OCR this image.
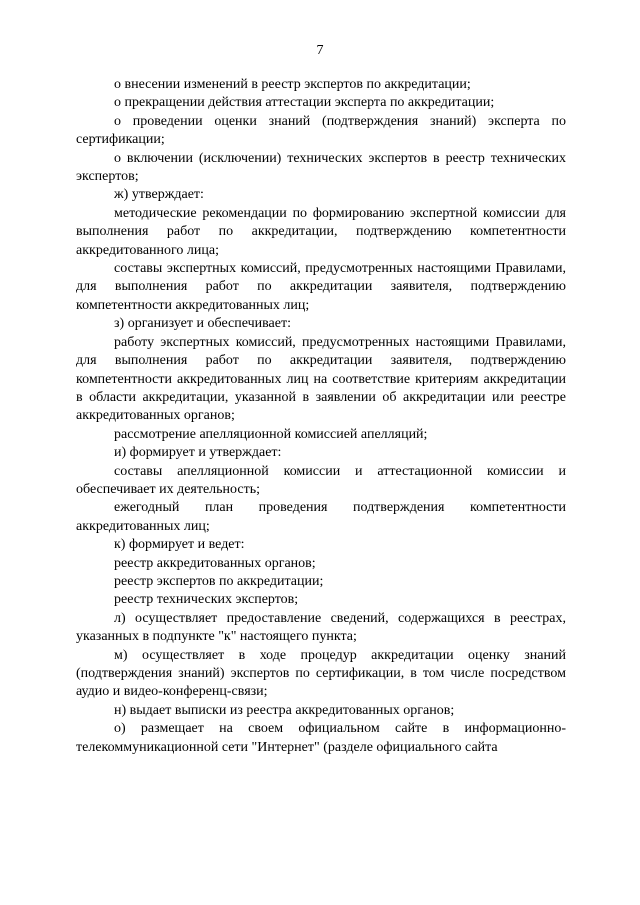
7

о внесении изменений в реестр экспертов по аккредитации;

о прекращении действия аттестации эксперта по аккредитации;

о проведении оценки знаний (подтверждения знаний) эксперта по сертификации;

о включении (исключении) технических экспертов в реестр технических экспертов;

ж) утверждает:

методические рекомендации по формированию экспертной комиссии для выполнения работ по аккредитации, подтверждению компетентности аккредитованного лица;

составы экспертных комиссий, предусмотренных настоящими Правилами, для выполнения работ по аккредитации заявителя, подтверждению компетентности аккредитованных лиц;

з) организует и обеспечивает:

работу экспертных комиссий, предусмотренных настоящими Правилами, для выполнения работ по аккредитации заявителя, подтверждению компетентности аккредитованных лиц на соответствие критериям аккредитации в области аккредитации, указанной в заявлении об аккредитации или реестре аккредитованных органов;

рассмотрение апелляционной комиссией апелляций;

и) формирует и утверждает:

составы апелляционной комиссии и аттестационной комиссии и обеспечивает их деятельность;

ежегодный план проведения подтверждения компетентности аккредитованных лиц;

к) формирует и ведет:

реестр аккредитованных органов;

реестр экспертов по аккредитации;

реестр технических экспертов;

л) осуществляет предоставление сведений, содержащихся в реестрах, указанных в подпункте "к" настоящего пункта;

м) осуществляет в ходе процедур аккредитации оценку знаний (подтверждения знаний) экспертов по сертификации, в том числе посредством аудио и видео-конференц-связи;

н) выдает выписки из реестра аккредитованных органов;

о) размещает на своем официальном сайте в информационно-телекоммуникационной сети "Интернет" (разделе официального сайта
